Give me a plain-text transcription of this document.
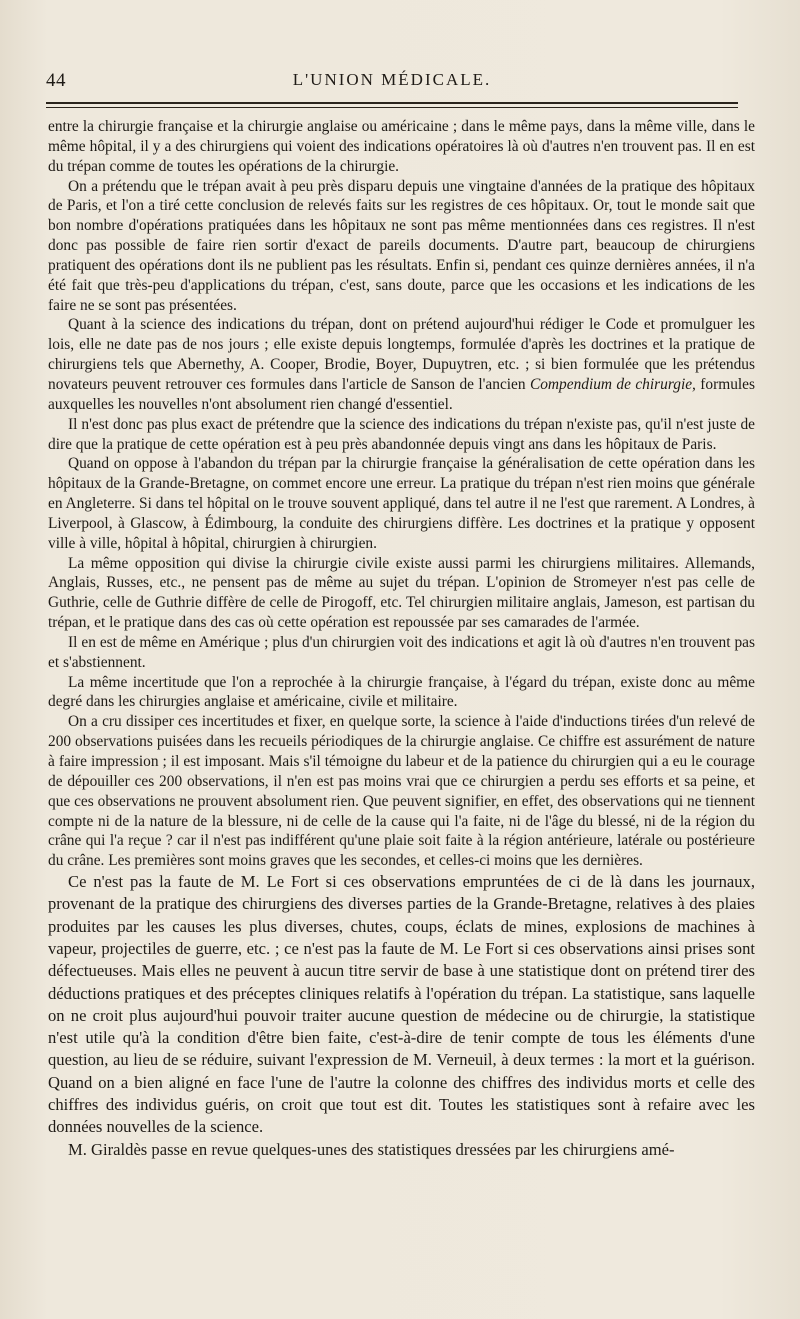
44	L'UNION MÉDICALE.

entre la chirurgie française et la chirurgie anglaise ou américaine ; dans le même pays, dans la même ville, dans le même hôpital, il y a des chirurgiens qui voient des indications opératoires là où d'autres n'en trouvent pas. Il en est du trépan comme de toutes les opérations de la chirurgie.

On a prétendu que le trépan avait à peu près disparu depuis une vingtaine d'années de la pratique des hôpitaux de Paris, et l'on a tiré cette conclusion de relevés faits sur les registres de ces hôpitaux. Or, tout le monde sait que bon nombre d'opérations pratiquées dans les hôpitaux ne sont pas même mentionnées dans ces registres. Il n'est donc pas possible de faire rien sortir d'exact de pareils documents. D'autre part, beaucoup de chirurgiens pratiquent des opérations dont ils ne publient pas les résultats. Enfin si, pendant ces quinze dernières années, il n'a été fait que très-peu d'applications du trépan, c'est, sans doute, parce que les occasions et les indications de les faire ne se sont pas présentées.

Quant à la science des indications du trépan, dont on prétend aujourd'hui rédiger le Code et promulguer les lois, elle ne date pas de nos jours ; elle existe depuis longtemps, formulée d'après les doctrines et la pratique de chirurgiens tels que Abernethy, A. Cooper, Brodie, Boyer, Dupuytren, etc. ; si bien formulée que les prétendus novateurs peuvent retrouver ces formules dans l'article de Sanson de l'ancien Compendium de chirurgie, formules auxquelles les nouvelles n'ont absolument rien changé d'essentiel.

Il n'est donc pas plus exact de prétendre que la science des indications du trépan n'existe pas, qu'il n'est juste de dire que la pratique de cette opération est à peu près abandonnée depuis vingt ans dans les hôpitaux de Paris.

Quand on oppose à l'abandon du trépan par la chirurgie française la généralisation de cette opération dans les hôpitaux de la Grande-Bretagne, on commet encore une erreur. La pratique du trépan n'est rien moins que générale en Angleterre. Si dans tel hôpital on le trouve souvent appliqué, dans tel autre il ne l'est que rarement. A Londres, à Liverpool, à Glascow, à Édimbourg, la conduite des chirurgiens diffère. Les doctrines et la pratique y opposent ville à ville, hôpital à hôpital, chirurgien à chirurgien.

La même opposition qui divise la chirurgie civile existe aussi parmi les chirurgiens militaires. Allemands, Anglais, Russes, etc., ne pensent pas de même au sujet du trépan. L'opinion de Stromeyer n'est pas celle de Guthrie, celle de Guthrie diffère de celle de Pirogoff, etc. Tel chirurgien militaire anglais, Jameson, est partisan du trépan, et le pratique dans des cas où cette opération est repoussée par ses camarades de l'armée.

Il en est de même en Amérique ; plus d'un chirurgien voit des indications et agit là où d'autres n'en trouvent pas et s'abstiennent.

La même incertitude que l'on a reprochée à la chirurgie française, à l'égard du trépan, existe donc au même degré dans les chirurgies anglaise et américaine, civile et militaire.

On a cru dissiper ces incertitudes et fixer, en quelque sorte, la science à l'aide d'inductions tirées d'un relevé de 200 observations puisées dans les recueils périodiques de la chirurgie anglaise. Ce chiffre est assurément de nature à faire impression ; il est imposant. Mais s'il témoigne du labeur et de la patience du chirurgien qui a eu le courage de dépouiller ces 200 observations, il n'en est pas moins vrai que ce chirurgien a perdu ses efforts et sa peine, et que ces observations ne prouvent absolument rien. Que peuvent signifier, en effet, des observations qui ne tiennent compte ni de la nature de la blessure, ni de celle de la cause qui l'a faite, ni de l'âge du blessé, ni de la région du crâne qui l'a reçue ? car il n'est pas indifférent qu'une plaie soit faite à la région antérieure, latérale ou postérieure du crâne. Les premières sont moins graves que les secondes, et celles-ci moins que les dernières.

Ce n'est pas la faute de M. Le Fort si ces observations empruntées de ci de là dans les journaux, provenant de la pratique des chirurgiens des diverses parties de la Grande-Bretagne, relatives à des plaies produites par les causes les plus diverses, chutes, coups, éclats de mines, explosions de machines à vapeur, projectiles de guerre, etc. ; ce n'est pas la faute de M. Le Fort si ces observations ainsi prises sont défectueuses. Mais elles ne peuvent à aucun titre servir de base à une statistique dont on prétend tirer des déductions pratiques et des préceptes cliniques relatifs à l'opération du trépan. La statistique, sans laquelle on ne croit plus aujourd'hui pouvoir traiter aucune question de médecine ou de chirurgie, la statistique n'est utile qu'à la condition d'être bien faite, c'est-à-dire de tenir compte de tous les éléments d'une question, au lieu de se réduire, suivant l'expression de M. Verneuil, à deux termes : la mort et la guérison. Quand on a bien aligné en face l'une de l'autre la colonne des chiffres des individus morts et celle des chiffres des individus guéris, on croit que tout est dit. Toutes les statistiques sont à refaire avec les données nouvelles de la science.

M. Giraldès passe en revue quelques-unes des statistiques dressées par les chirurgiens amé-
